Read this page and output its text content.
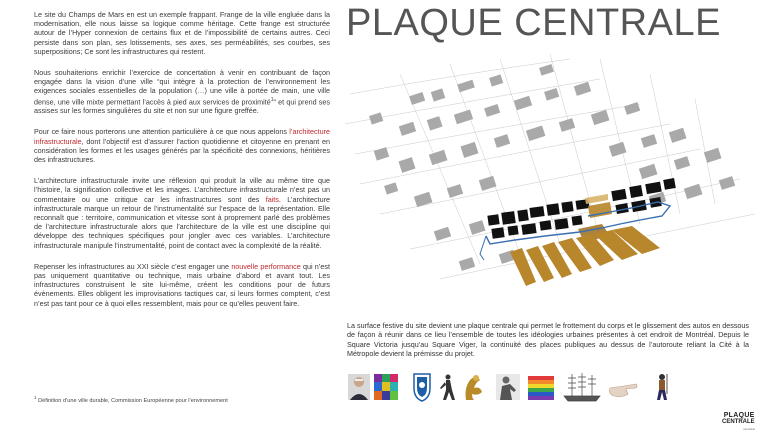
Le site du Champs de Mars en est un exemple frappant. Frange de la ville engluée dans la modernisation, elle nous laisse sa logique comme héritage. Cette frange est structurée autour de l’Hyper connexion de certains flux et de l’impossibilité de certains autres. Ceci persiste dans son plan, ses lotissements, ses axes, ses perméabilités, ses courbes, ses superpositions; Ce sont les infrastructures qui restent.

Nous souhaiterions enrichir l’exercice de concertation à venir en contribuant de façon engagée dans la vision d’une ville “qui intègre à la protection de l’environnement les exigences sociales essentielles de la population (…) une ville à portée de main, une ville dense, une ville mixte permettant l’accès à pied aux services de proximité$^1$” et qui prend ses assises sur les formes singulières du site et non sur une figure greffée.

Pour ce faire nous porterons une attention particulière à ce que nous appelons l’architecture infrastructurale, dont l’objectif est d’assurer l’action quotidienne et citoyenne en prenant en considération les formes et les usages générés par la spécificité des connexions, héritières des infrastructures.

L’architecture infrastructurale invite une réflexion qui produit la ville au même titre que l’histoire, la signification collective et les images. L’architecture infrastructurale n’est pas un commentaire ou une critique car les infrastructures sont des faits. L’architecture infrastructurale marque un retour de l’instrumentalité sur l’espace de la représentation. Elle reconnaît que : territoire, communication et vitesse sont à proprement parlé des problèmes de l’architecture infrastructurale alors que l’architecture de la ville est une discipline qui développe des techniques spécifiques pour jongler avec ces variables. L’architecture infrastructurale manipule l’instrumentalité, point de contact avec la complexité de la réalité.

Repenser les infrastructures au XXI siècle c’est engager une nouvelle performance qui n’est pas uniquement quantitative ou technique, mais urbaine d’abord et avant tout. Les infrastructures construisent le site lui-même, créent les conditions pour de futurs évènements. Elles obligent les improvisations tactiques car, si leurs formes comptent, c’est n’est pas tant pour ce à quoi elles ressemblent, mais pour ce qu’elles peuvent faire.

$^1$ Définition d’une ville durable, Commission Européenne pour l’environnement
PLAQUE CENTRALE
La surface festive du site devient une plaque centrale qui permet le frottement du corps et le glissement des autos en dessous de façon à réunir dans ce lieu l’ensemble de toutes les idéologies urbaines présentes à cet endroit de Montréal. Depuis le Square Victoria jusqu’au Square Viger, la continuité des places publiques au dessus de l’autoroute reliant la Cité à la Métropole devient la prémisse du projet.
PLAQUE
CENTRALE
montréal
